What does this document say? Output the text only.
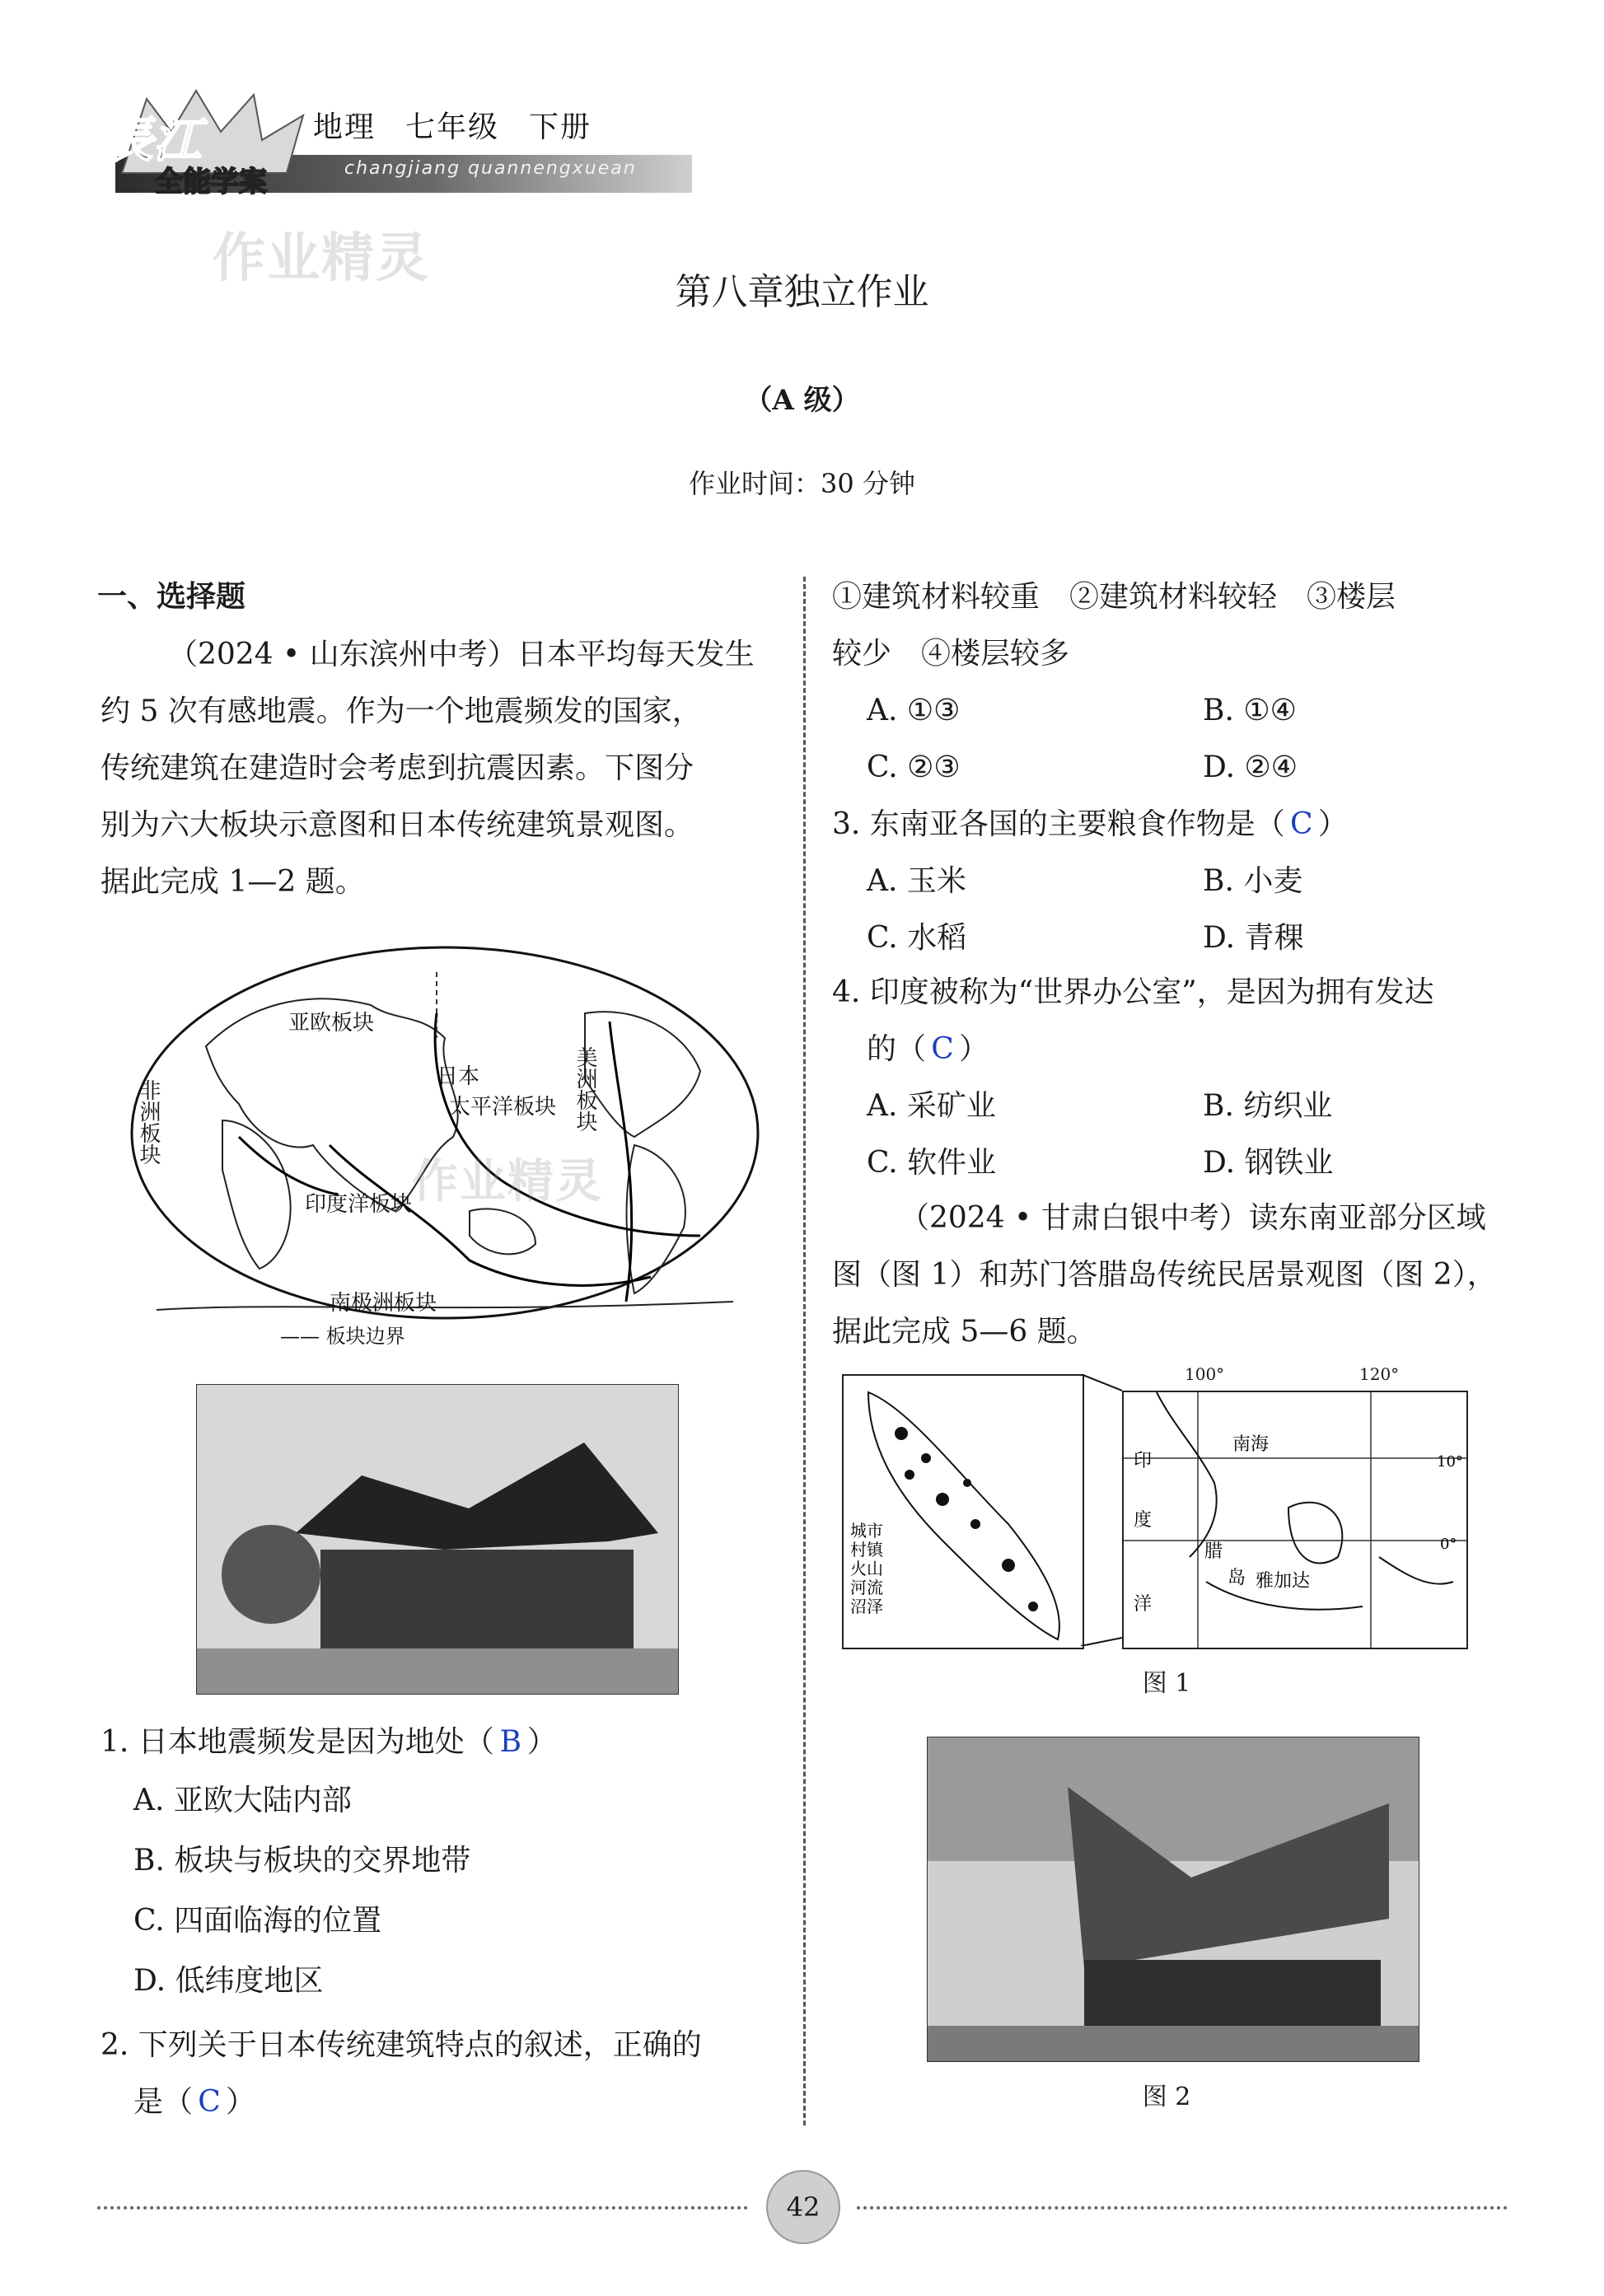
長江
全能学案
地理 七年级 下册
changjiang quannengxuean
作业精灵
第八章独立作业
（A 级）
作业时间：30 分钟
一、选择题
（2024 • 山东滨州中考）日本平均每天发生
约 5 次有感地震。作为一个地震频发的国家，
传统建筑在建造时会考虑到抗震因素。下图分
别为六大板块示意图和日本传统建筑景观图。
据此完成 1—2 题。
亚欧板块
日本
太平洋板块
印度洋板块
南极洲板块
非洲板块	美洲板块
—— 板块边界
作业精灵
1. 日本地震频发是因为地处（ B ）
A. 亚欧大陆内部
B. 板块与板块的交界地带
C. 四面临海的位置
D. 低纬度地区
2. 下列关于日本传统建筑特点的叙述，正确的
是（ C ）
①建筑材料较重　②建筑材料较轻　③楼层
较少　④楼层较多
A. ①③	B. ①④
C. ②③	D. ②④
3. 东南亚各国的主要粮食作物是（ C ）
A. 玉米	B. 小麦
C. 水稻	D. 青稞
4. 印度被称为“世界办公室”，是因为拥有发达
的（ C ）
A. 采矿业	B. 纺织业
C. 软件业	D. 钢铁业
（2024 • 甘肃白银中考）读东南亚部分区域
图（图 1）和苏门答腊岛传统民居景观图（图 2），
据此完成 5—6 题。
城市
村镇
火山
河流
沼泽
南海
印
度
洋
腊
岛 雅加达
10°
0°
100°	120°
图 1
图 2
42
